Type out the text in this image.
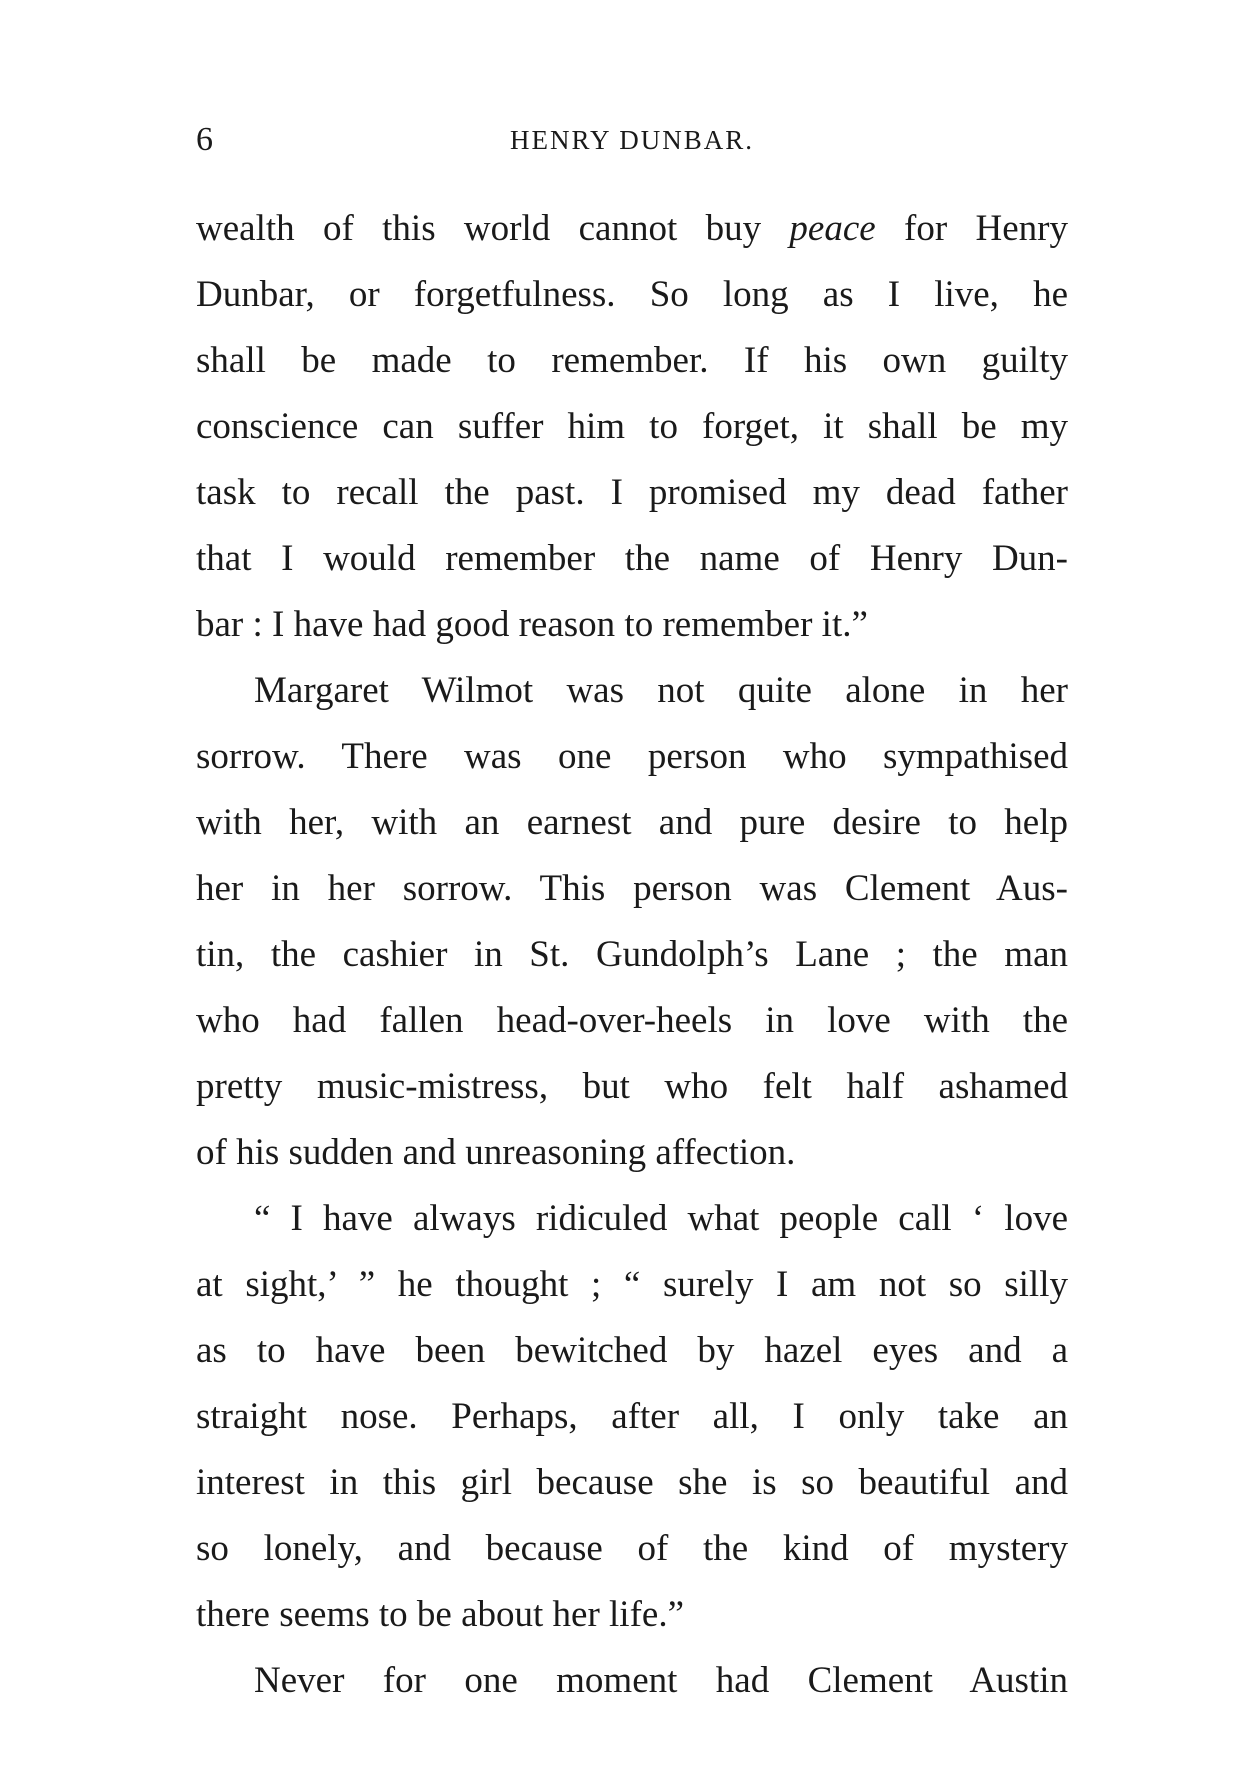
6	HENRY DUNBAR.
wealth of this world cannot buy peace for Henry
Dunbar, or forgetfulness. So long as I live, he
shall be made to remember. If his own guilty
conscience can suffer him to forget, it shall be my
task to recall the past. I promised my dead father
that I would remember the name of Henry Dun-
bar : I have had good reason to remember it.”
Margaret Wilmot was not quite alone in her
sorrow. There was one person who sympathised
with her, with an earnest and pure desire to help
her in her sorrow. This person was Clement Aus-
tin, the cashier in St. Gundolph’s Lane ; the man
who had fallen head-over-heels in love with the
pretty music-mistress, but who felt half ashamed
of his sudden and unreasoning affection.
“ I have always ridiculed what people call ‘ love
at sight,’ ” he thought ; “ surely I am not so silly
as to have been bewitched by hazel eyes and a
straight nose. Perhaps, after all, I only take an
interest in this girl because she is so beautiful and
so lonely, and because of the kind of mystery
there seems to be about her life.”
Never for one moment had Clement Austin
